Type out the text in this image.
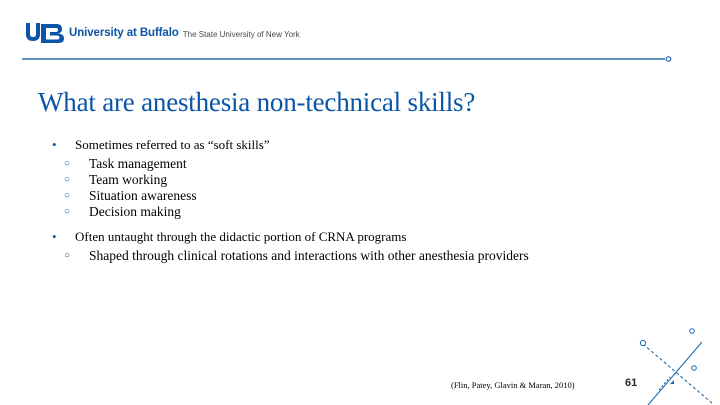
University at Buffalo The State University of New York
What are anesthesia non-technical skills?
• Sometimes referred to as “soft skills”
○ Task management
○ Team working
○ Situation awareness
○ Decision making
• Often untaught through the didactic portion of CRNA programs
○ Shaped through clinical rotations and interactions with other anesthesia providers
(Flin, Patey, Glavin & Maran, 2010)	61
